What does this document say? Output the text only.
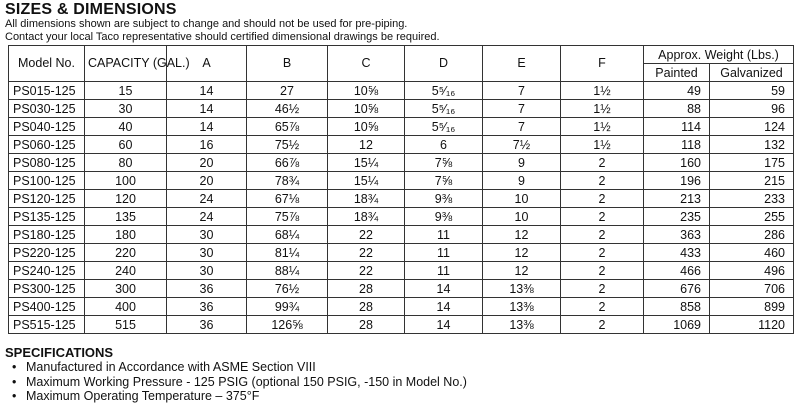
SIZES & DIMENSIONS

All dimensions shown are subject to change and should not be used for pre-piping.

Contact your local Taco representative should certified dimensional drawings be required.

Model No.	CAPACITY (GAL.)	A	B	C	D	E	F	Approx. Weight (Lbs.)	
								Painted	Galvanized
PS015-125	15	14	27	10⅝	5⁵⁄₁₆	7	1½	49	59
PS030-125	30	14	46½	10⅝	5⁵⁄₁₆	7	1½	88	96
PS040-125	40	14	65⅞	10⅝	5⁵⁄₁₆	7	1½	114	124
PS060-125	60	16	75½	12	6	7½	1½	118	132
PS080-125	80	20	66⅞	15¼	7⅝	9	2	160	175
PS100-125	100	20	78¾	15¼	7⅝	9	2	196	215
PS120-125	120	24	67⅛	18¾	9⅜	10	2	213	233
PS135-125	135	24	75⅞	18¾	9⅜	10	2	235	255
PS180-125	180	30	68¼	22	11	12	2	363	286
PS220-125	220	30	81¼	22	11	12	2	433	460
PS240-125	240	30	88¼	22	11	12	2	466	496
PS300-125	300	36	76½	28	14	13⅜	2	676	706
PS400-125	400	36	99¾	28	14	13⅜	2	858	899
PS515-125	515	36	126⅝	28	14	13⅜	2	1069	1120
SPECIFICATIONS
• Manufactured in Accordance with ASME Section VIII
• Maximum Working Pressure - 125 PSIG (optional 150 PSIG, -150 in Model No.)
• Maximum Operating Temperature – 375°F
